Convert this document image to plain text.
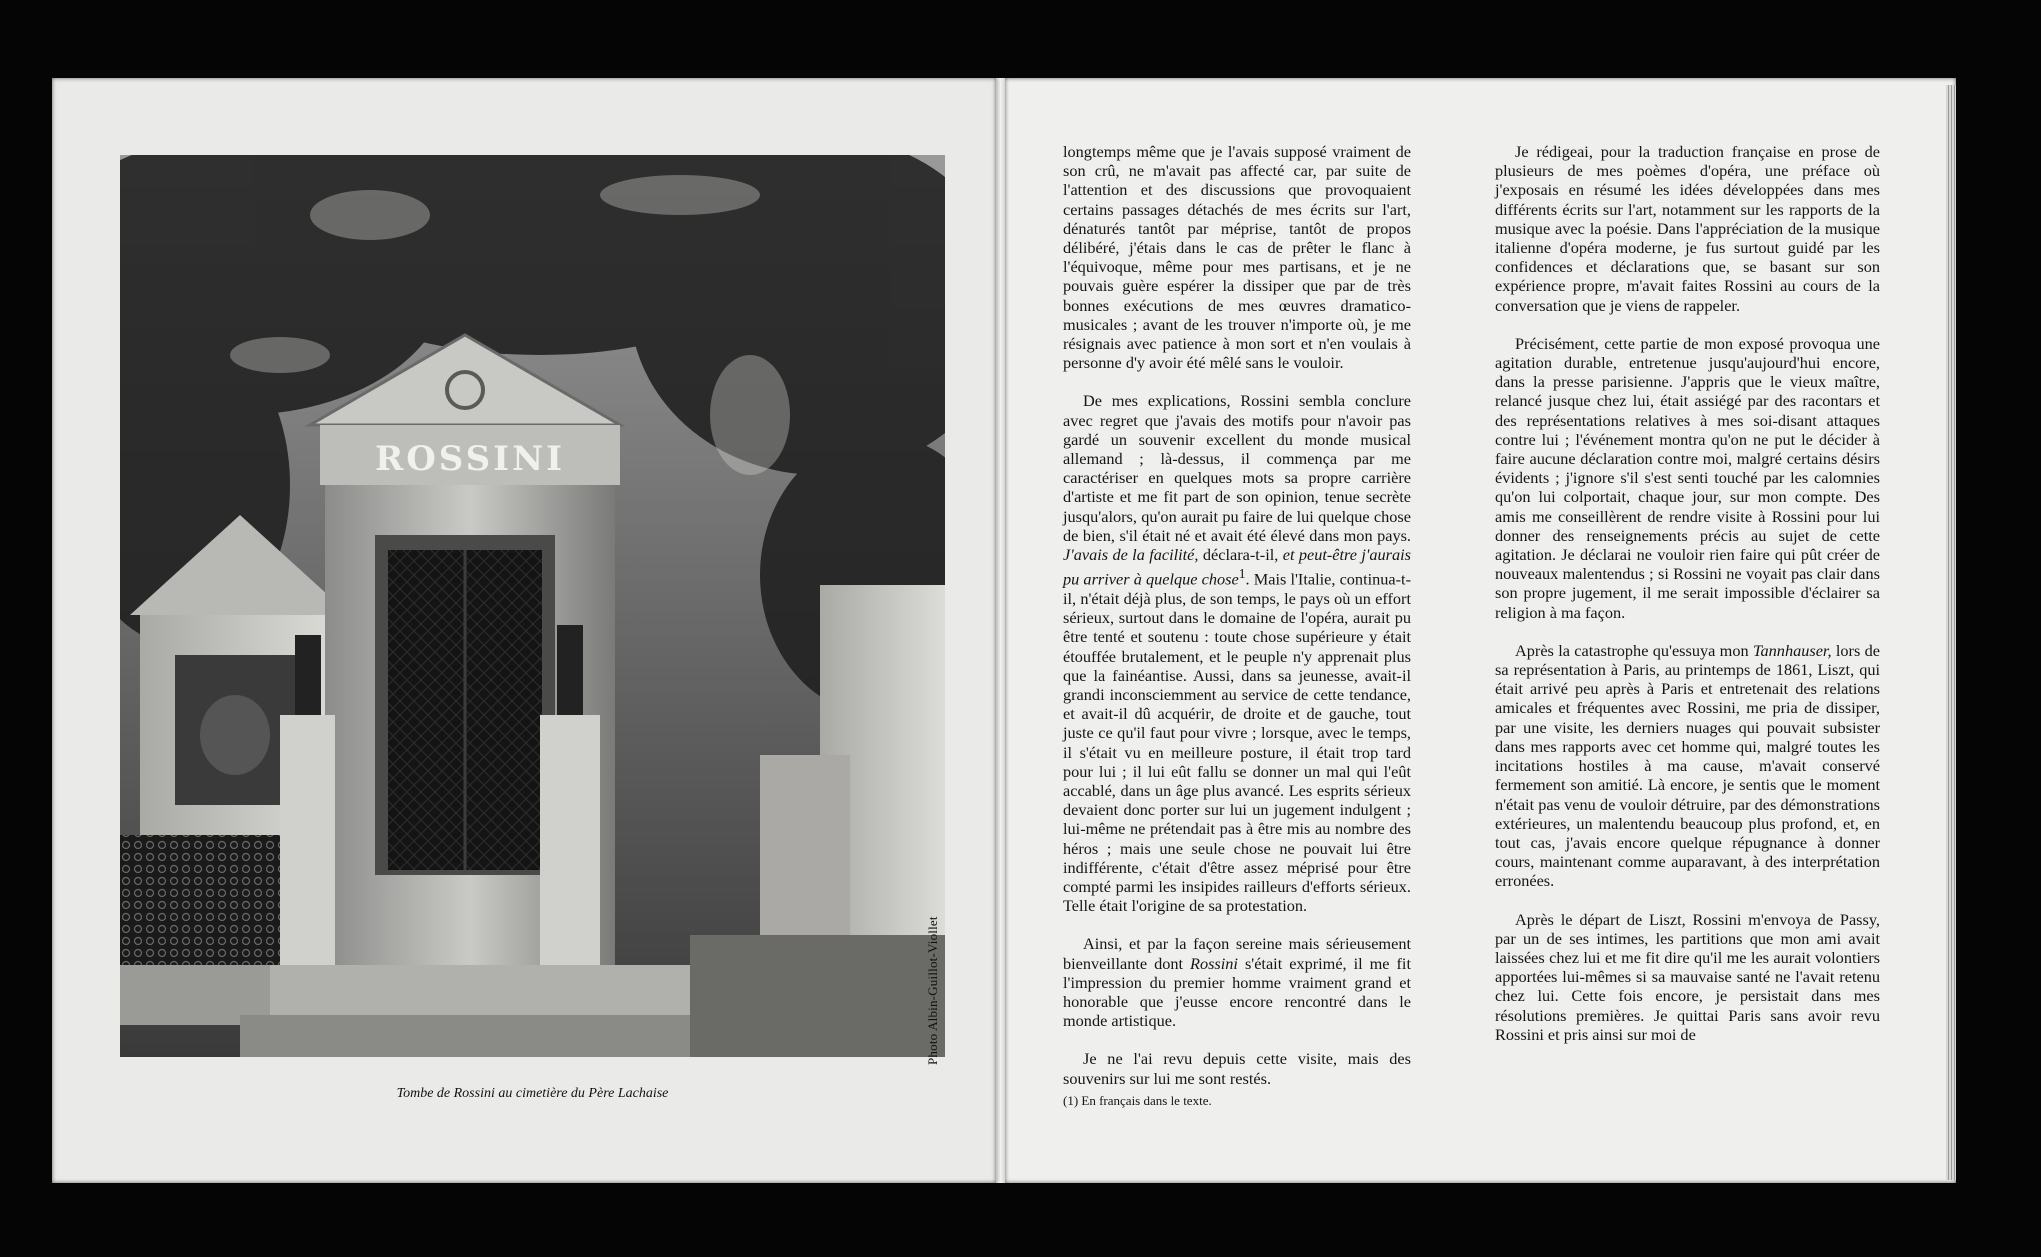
ROSSINI
Photo Albin-Guillot-Viollet
Tombe de Rossini au cimetière du Père Lachaise

longtemps même que je l'avais supposé vraiment de son crû, ne m'avait pas affecté car, par suite de l'attention et des discussions que provoquaient certains passages détachés de mes écrits sur l'art, dénaturés tantôt par méprise, tantôt de propos délibéré, j'étais dans le cas de prêter le flanc à l'équivoque, même pour mes partisans, et je ne pouvais guère espérer la dissiper que par de très bonnes exécutions de mes œuvres dramatico-musicales ; avant de les trouver n'importe où, je me résignais avec patience à mon sort et n'en voulais à personne d'y avoir été mêlé sans le vouloir.

De mes explications, Rossini sembla conclure avec regret que j'avais des motifs pour n'avoir pas gardé un souvenir excellent du monde musical allemand ; là-dessus, il commença par me caractériser en quelques mots sa propre carrière d'artiste et me fit part de son opinion, tenue secrète jusqu'alors, qu'on aurait pu faire de lui quelque chose de bien, s'il était né et avait été élevé dans mon pays. J'avais de la facilité, déclara-t-il, et peut-être j'aurais pu arriver à quelque chose$^1$. Mais l'Italie, continua-t-il, n'était déjà plus, de son temps, le pays où un effort sérieux, surtout dans le domaine de l'opéra, aurait pu être tenté et soutenu : toute chose supérieure y était étouffée brutalement, et le peuple n'y apprenait plus que la fainéantise. Aussi, dans sa jeunesse, avait-il grandi inconsciemment au service de cette tendance, et avait-il dû acquérir, de droite et de gauche, tout juste ce qu'il faut pour vivre ; lorsque, avec le temps, il s'était vu en meilleure posture, il était trop tard pour lui ; il lui eût fallu se donner un mal qui l'eût accablé, dans un âge plus avancé. Les esprits sérieux devaient donc porter sur lui un jugement indulgent ; lui-même ne prétendait pas à être mis au nombre des héros ; mais une seule chose ne pouvait lui être indifférente, c'était d'être assez méprisé pour être compté parmi les insipides railleurs d'efforts sérieux. Telle était l'origine de sa protestation.

Ainsi, et par la façon sereine mais sérieusement bienveillante dont Rossini s'était exprimé, il me fit l'impression du premier homme vraiment grand et honorable que j'eusse encore rencontré dans le monde artistique.

Je ne l'ai revu depuis cette visite, mais des souvenirs sur lui me sont restés.

(1) En français dans le texte.

Je rédigeai, pour la traduction française en prose de plusieurs de mes poèmes d'opéra, une préface où j'exposais en résumé les idées développées dans mes différents écrits sur l'art, notamment sur les rapports de la musique avec la poésie. Dans l'appréciation de la musique italienne d'opéra moderne, je fus surtout guidé par les confidences et déclarations que, se basant sur son expérience propre, m'avait faites Rossini au cours de la conversation que je viens de rappeler.

Précisément, cette partie de mon exposé provoqua une agitation durable, entretenue jusqu'aujourd'hui encore, dans la presse parisienne. J'appris que le vieux maître, relancé jusque chez lui, était assiégé par des racontars et des représentations relatives à mes soi-disant attaques contre lui ; l'événement montra qu'on ne put le décider à faire aucune déclaration contre moi, malgré certains désirs évidents ; j'ignore s'il s'est senti touché par les calomnies qu'on lui colportait, chaque jour, sur mon compte. Des amis me conseillèrent de rendre visite à Rossini pour lui donner des renseignements précis au sujet de cette agitation. Je déclarai ne vouloir rien faire qui pût créer de nouveaux malentendus ; si Rossini ne voyait pas clair dans son propre jugement, il me serait impossible d'éclairer sa religion à ma façon.

Après la catastrophe qu'essuya mon Tannhauser, lors de sa représentation à Paris, au printemps de 1861, Liszt, qui était arrivé peu après à Paris et entretenait des relations amicales et fréquentes avec Rossini, me pria de dissiper, par une visite, les derniers nuages qui pouvait subsister dans mes rapports avec cet homme qui, malgré toutes les incitations hostiles à ma cause, m'avait conservé fermement son amitié. Là encore, je sentis que le moment n'était pas venu de vouloir détruire, par des démonstrations extérieures, un malentendu beaucoup plus profond, et, en tout cas, j'avais encore quelque répugnance à donner cours, maintenant comme auparavant, à des interprétation erronées.

Après le départ de Liszt, Rossini m'envoya de Passy, par un de ses intimes, les partitions que mon ami avait laissées chez lui et me fit dire qu'il me les aurait volontiers apportées lui-mêmes si sa mauvaise santé ne l'avait retenu chez lui. Cette fois encore, je persistait dans mes résolutions premières. Je quittai Paris sans avoir revu Rossini et pris ainsi sur moi de
